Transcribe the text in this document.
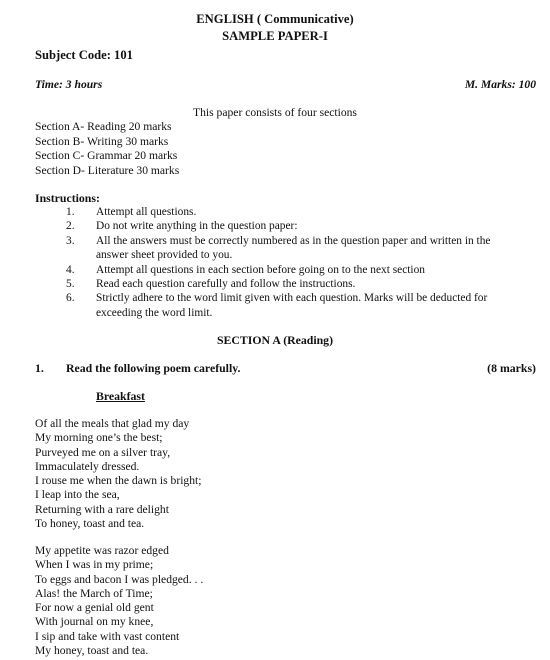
ENGLISH ( Communicative)
SAMPLE PAPER-I
Subject Code: 101
Time: 3 hours	M. Marks: 100
This paper consists of four sections
Section A- Reading 20 marks
Section B- Writing 30 marks
Section C- Grammar 20 marks
Section D- Literature 30 marks
Instructions:
1.	Attempt all questions.
2.	Do not write anything in the question paper:
3.	All the answers must be correctly numbered as in the question paper and written in the
answer sheet provided to you.
4.	Attempt all questions in each section before going on to the next section
5.	Read each question carefully and follow the instructions.
6.	Strictly adhere to the word limit given with each question. Marks will be deducted for
exceeding the word limit.
SECTION A (Reading)
1. Read the following poem carefully.	(8 marks)
Breakfast
Of all the meals that glad my day
My morning one’s the best;
Purveyed me on a silver tray,
Immaculately dressed.
I rouse me when the dawn is bright;
I leap into the sea,
Returning with a rare delight
To honey, toast and tea.
My appetite was razor edged
When I was in my prime;
To eggs and bacon I was pledged. . .
Alas! the March of Time;
For now a genial old gent
With journal on my knee,
I sip and take with vast content
My honey, toast and tea.
